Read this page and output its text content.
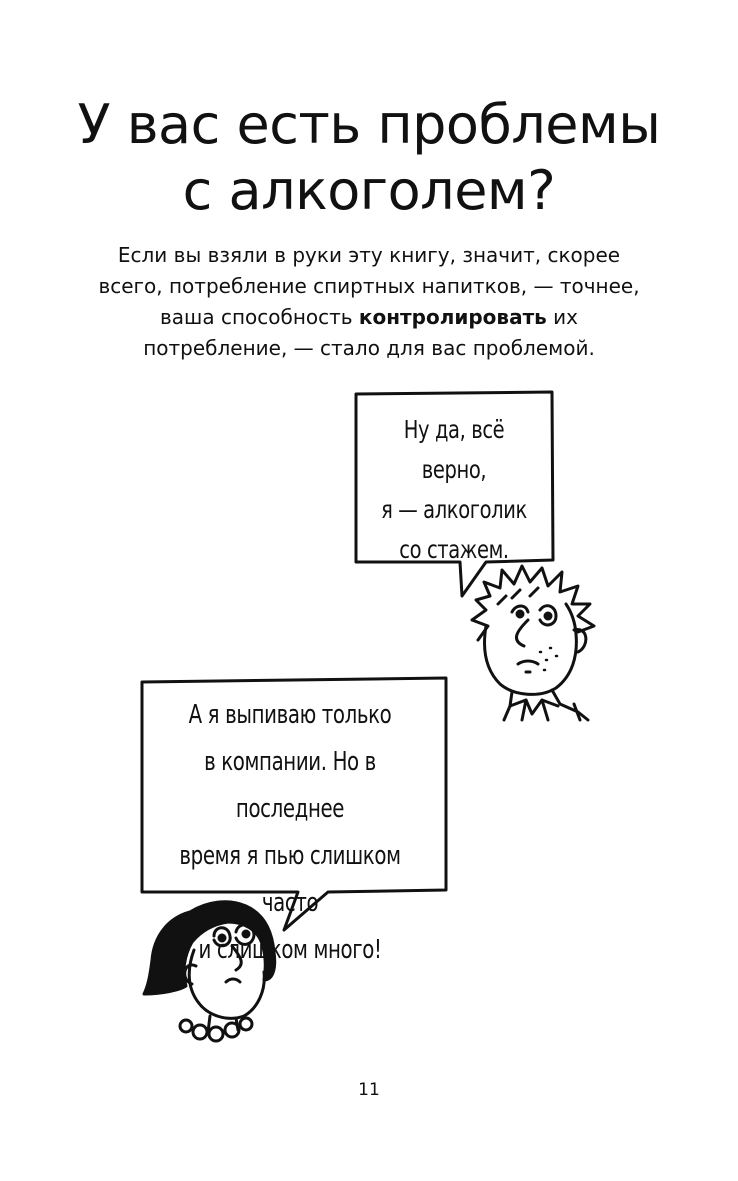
У вас есть проблемы
с алкоголем?

Если вы взяли в руки эту книгу, значит, скорее всего, потребление спиртных напитков, — точнее, ваша способность контролировать их потребление, — стало для вас проблемой.

Ну да, всё верно,
я — алкоголик
со стажем.
А я выпиваю только
в компании. Но в последнее
время я пью слишком часто
и слишком много!
11
